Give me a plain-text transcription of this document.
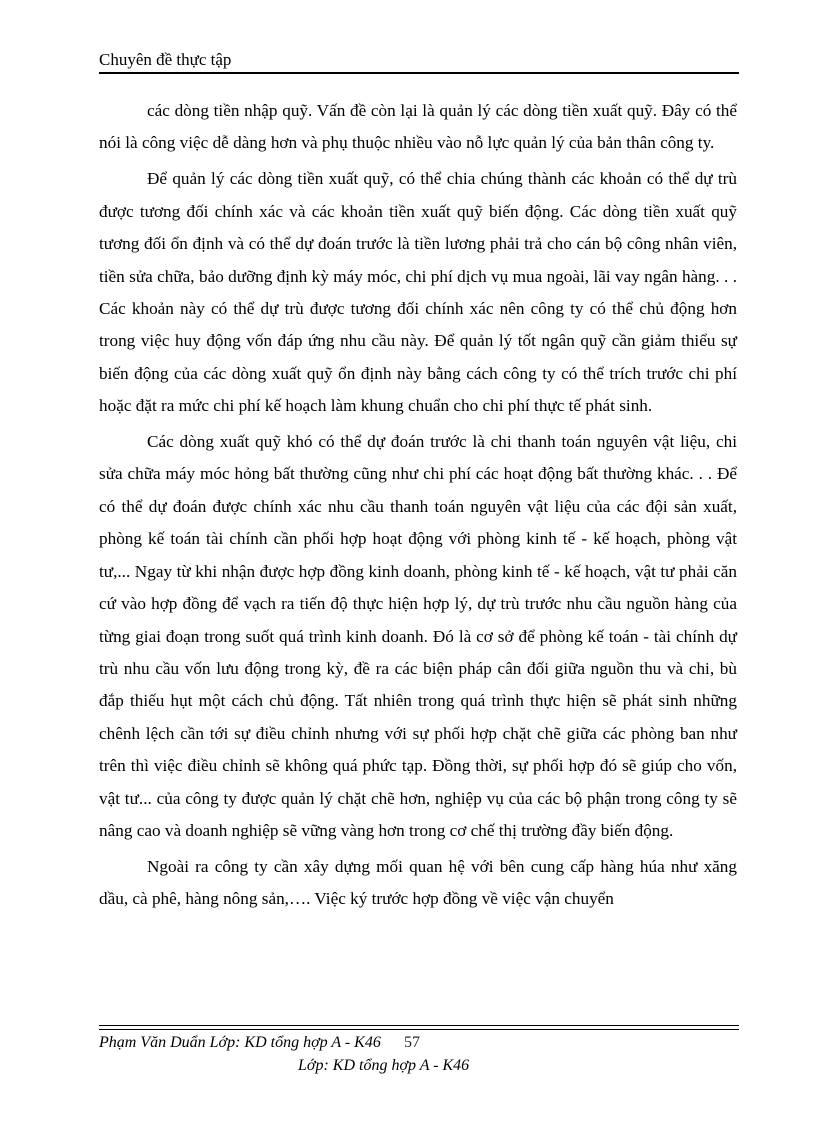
Chuyên đề thực tập

các dòng tiền nhập quỹ. Vấn đề còn lại là quản lý các dòng tiền xuất quỹ. Đây có thể nói là công việc dễ dàng hơn và phụ thuộc nhiều vào nỗ lực quản lý của bản thân công ty.

Để quản lý các dòng tiền xuất quỹ, có thể chia chúng thành các khoản có thể dự trù được tương đối chính xác và các khoản tiền xuất quỹ biến động. Các dòng tiền xuất quỹ tương đối ổn định và có thể dự đoán trước là tiền lương phải trả cho cán bộ công nhân viên, tiền sửa chữa, bảo dưỡng định kỳ máy móc, chi phí dịch vụ mua ngoài, lãi vay ngân hàng. . . Các khoản này có thể dự trù được tương đối chính xác nên công ty có thể chủ động hơn trong việc huy động vốn đáp ứng nhu cầu này. Để quản lý tốt ngân quỹ cần giảm thiểu sự biến động của các dòng xuất quỹ ổn định này bằng cách công ty có thể trích trước chi phí hoặc đặt ra mức chi phí kế hoạch làm khung chuẩn cho chi phí thực tế phát sinh.

Các dòng xuất quỹ khó có thể dự đoán trước là chi thanh toán nguyên vật liệu, chi sửa chữa máy móc hỏng bất thường cũng như chi phí các hoạt động bất thường khác. . . Để có thể dự đoán được chính xác nhu cầu thanh toán nguyên vật liệu của các đội sản xuất, phòng kế toán tài chính cần phối hợp hoạt động với phòng kinh tế - kế hoạch, phòng vật tư,... Ngay từ khi nhận được hợp đồng kinh doanh, phòng kinh tế - kế hoạch, vật tư phải căn cứ vào hợp đồng để vạch ra tiến độ thực hiện hợp lý, dự trù trước nhu cầu nguồn hàng của từng giai đoạn trong suốt quá trình kinh doanh. Đó là cơ sở để phòng kế toán - tài chính dự trù nhu cầu vốn lưu động trong kỳ, đề ra các biện pháp cân đối giữa nguồn thu và chi, bù đắp thiếu hụt một cách chủ động. Tất nhiên trong quá trình thực hiện sẽ phát sinh những chênh lệch cần tới sự điều chỉnh nhưng với sự phối hợp chặt chẽ giữa các phòng ban như trên thì việc điều chỉnh sẽ không quá phức tạp. Đồng thời, sự phối hợp đó sẽ giúp cho vốn, vật tư... của công ty được quản lý chặt chẽ hơn, nghiệp vụ của các bộ phận trong công ty sẽ nâng cao và doanh nghiệp sẽ vững vàng hơn trong cơ chế thị trường đầy biến động.

Ngoài ra công ty cần xây dựng mối quan hệ với bên cung cấp hàng húa như xăng dầu, cà phê, hàng nông sản,…. Việc ký trước hợp đồng về việc vận chuyển

Phạm Văn Duẩn Lớp: KD tổng hợp A - K46 57
Lớp: KD tổng hợp A - K46
